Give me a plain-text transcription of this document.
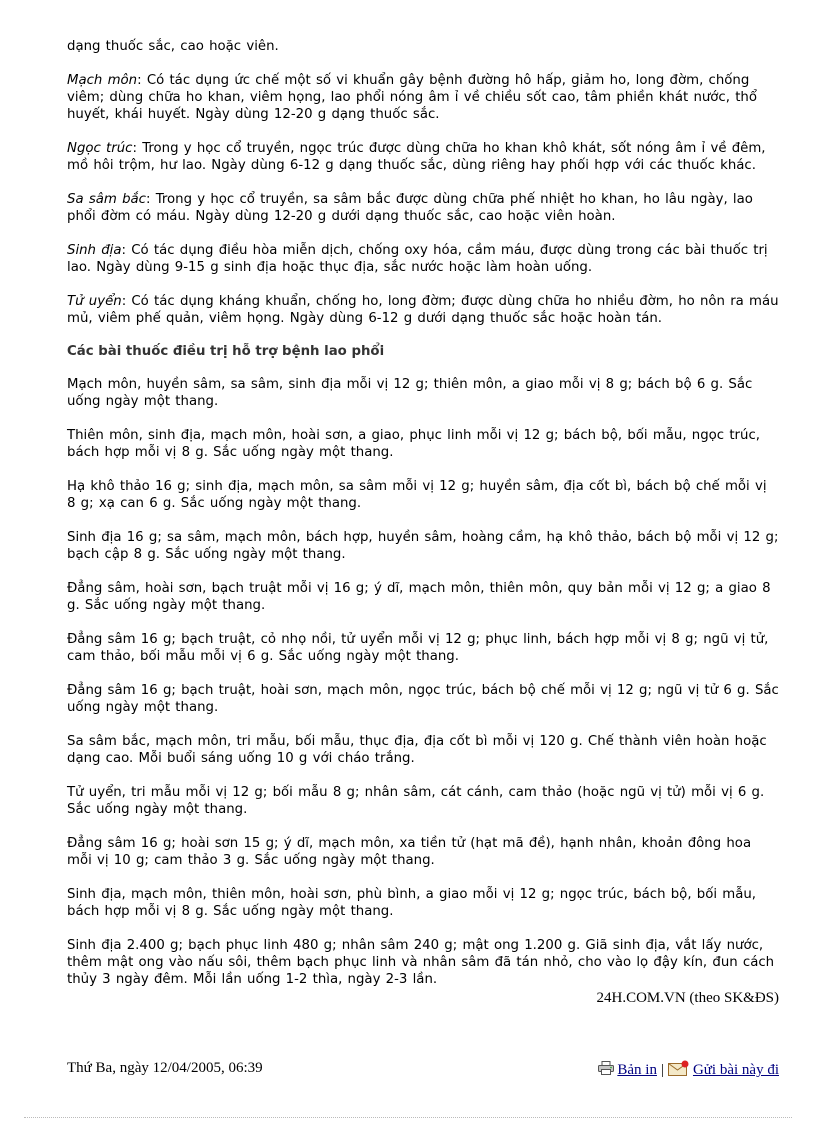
dạng thuốc sắc, cao hoặc viên.

Mạch môn: Có tác dụng ức chế một số vi khuẩn gây bệnh đường hô hấp, giảm ho, long đờm, chống viêm; dùng chữa ho khan, viêm họng, lao phổi nóng âm ỉ về chiều sốt cao, tâm phiền khát nước, thổ huyết, khái huyết. Ngày dùng 12-20 g dạng thuốc sắc.

Ngọc trúc: Trong y học cổ truyền, ngọc trúc được dùng chữa ho khan khô khát, sốt nóng âm ỉ về đêm, mồ hôi trộm, hư lao. Ngày dùng 6-12 g dạng thuốc sắc, dùng riêng hay phối hợp với các thuốc khác.

Sa sâm bắc: Trong y học cổ truyền, sa sâm bắc được dùng chữa phế nhiệt ho khan, ho lâu ngày, lao phổi đờm có máu. Ngày dùng 12-20 g dưới dạng thuốc sắc, cao hoặc viên hoàn.

Sinh địa: Có tác dụng điều hòa miễn dịch, chống oxy hóa, cầm máu, được dùng trong các bài thuốc trị lao. Ngày dùng 9-15 g sinh địa hoặc thục địa, sắc nước hoặc làm hoàn uống.

Tử uyển: Có tác dụng kháng khuẩn, chống ho, long đờm; được dùng chữa ho nhiều đờm, ho nôn ra máu mủ, viêm phế quản, viêm họng. Ngày dùng 6-12 g dưới dạng thuốc sắc hoặc hoàn tán.

Các bài thuốc điều trị hỗ trợ bệnh lao phổi

Mạch môn, huyền sâm, sa sâm, sinh địa mỗi vị 12 g; thiên môn, a giao mỗi vị 8 g; bách bộ 6 g. Sắc uống ngày một thang.

Thiên môn, sinh địa, mạch môn, hoài sơn, a giao, phục linh mỗi vị 12 g; bách bộ, bối mẫu, ngọc trúc, bách hợp mỗi vị 8 g. Sắc uống ngày một thang.

Hạ khô thảo 16 g; sinh địa, mạch môn, sa sâm mỗi vị 12 g; huyền sâm, địa cốt bì, bách bộ chế mỗi vị 8 g; xạ can 6 g. Sắc uống ngày một thang.

Sinh địa 16 g; sa sâm, mạch môn, bách hợp, huyền sâm, hoàng cầm, hạ khô thảo, bách bộ mỗi vị 12 g; bạch cập 8 g. Sắc uống ngày một thang.

Đẳng sâm, hoài sơn, bạch truật mỗi vị 16 g; ý dĩ, mạch môn, thiên môn, quy bản mỗi vị 12 g; a giao 8 g. Sắc uống ngày một thang.

Đẳng sâm 16 g; bạch truật, cỏ nhọ nồi, tử uyển mỗi vị 12 g; phục linh, bách hợp mỗi vị 8 g; ngũ vị tử, cam thảo, bối mẫu mỗi vị 6 g. Sắc uống ngày một thang.

Đẳng sâm 16 g; bạch truật, hoài sơn, mạch môn, ngọc trúc, bách bộ chế mỗi vị 12 g; ngũ vị tử 6 g. Sắc uống ngày một thang.

Sa sâm bắc, mạch môn, tri mẫu, bối mẫu, thục địa, địa cốt bì mỗi vị 120 g. Chế thành viên hoàn hoặc dạng cao. Mỗi buổi sáng uống 10 g với cháo trắng.

Tử uyển, tri mẫu mỗi vị 12 g; bối mẫu 8 g; nhân sâm, cát cánh, cam thảo (hoặc ngũ vị tử) mỗi vị 6 g. Sắc uống ngày một thang.

Đẳng sâm 16 g; hoài sơn 15 g; ý dĩ, mạch môn, xa tiền tử (hạt mã đề), hạnh nhân, khoản đông hoa mỗi vị 10 g; cam thảo 3 g. Sắc uống ngày một thang.

Sinh địa, mạch môn, thiên môn, hoài sơn, phù bình, a giao mỗi vị 12 g; ngọc trúc, bách bộ, bối mẫu, bách hợp mỗi vị 8 g. Sắc uống ngày một thang.

Sinh địa 2.400 g; bạch phục linh 480 g; nhân sâm 240 g; mật ong 1.200 g. Giã sinh địa, vắt lấy nước, thêm mật ong vào nấu sôi, thêm bạch phục linh và nhân sâm đã tán nhỏ, cho vào lọ đậy kín, đun cách thủy 3 ngày đêm. Mỗi lần uống 1-2 thìa, ngày 2-3 lần.

24H.COM.VN (theo SK&ĐS)
Thứ Ba, ngày 12/04/2005, 06:39	Bản in | Gửi bài này đi
